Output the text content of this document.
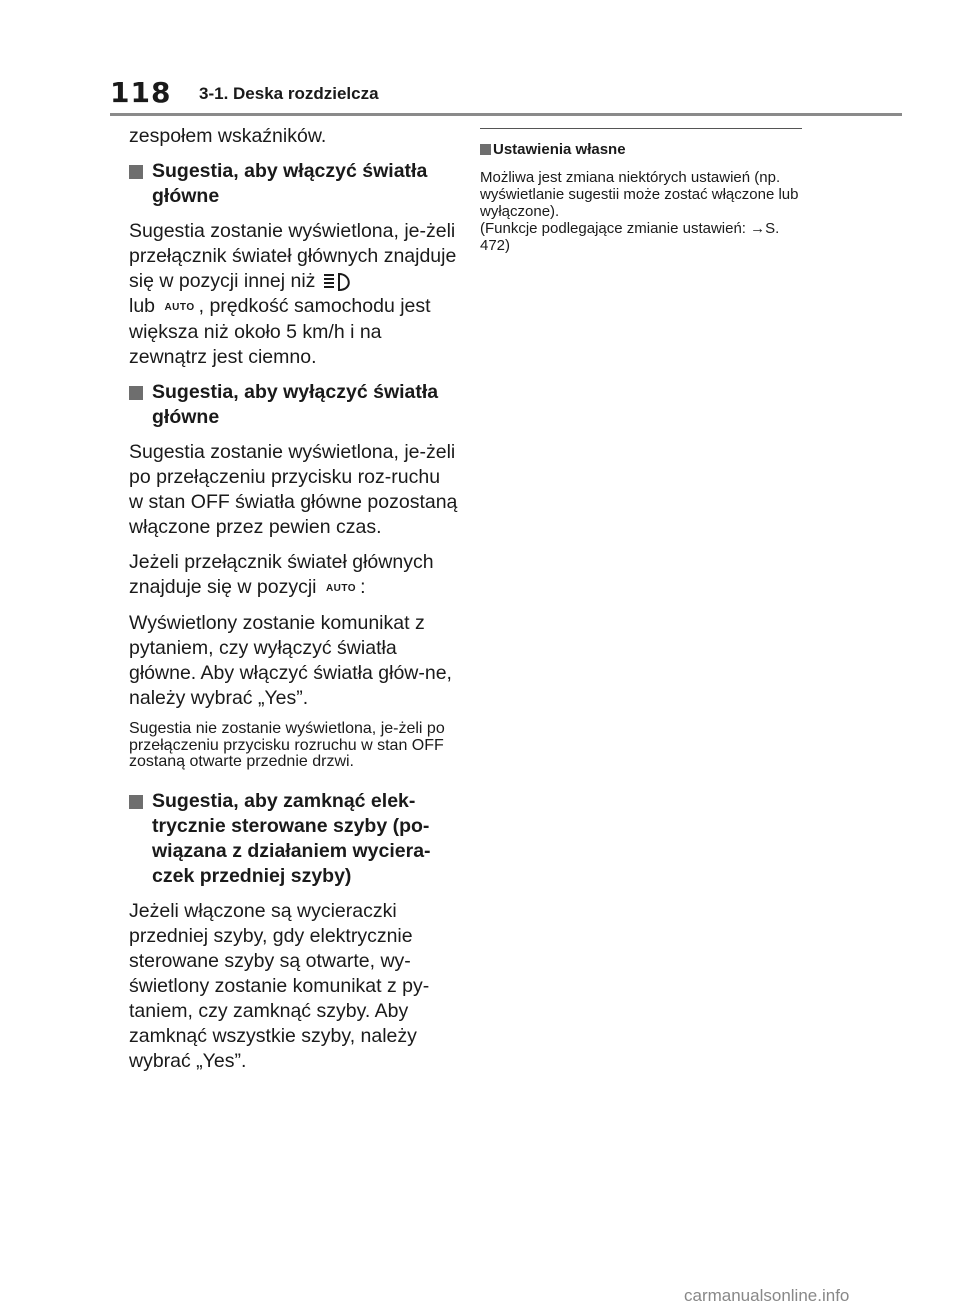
118 3-1. Deska rozdzielcza

zespołem wskaźników.

Sugestia, aby włączyć światła główne

Sugestia zostanie wyświetlona, je-żeli przełącznik świateł głównych znajduje się w pozycji innej niż
lub AUTO , prędkość samochodu jest większa niż około 5 km/h i na zewnątrz jest ciemno.

Sugestia, aby wyłączyć światła główne

Sugestia zostanie wyświetlona, je-żeli po przełączeniu przycisku roz-ruchu w stan OFF światła główne pozostaną włączone przez pewien czas.

Jeżeli przełącznik świateł głównych znajduje się w pozycji AUTO :

Wyświetlony zostanie komunikat z pytaniem, czy wyłączyć światła główne. Aby włączyć światła głów-ne, należy wybrać „Yes”.

Sugestia nie zostanie wyświetlona, je-żeli po przełączeniu przycisku rozruchu w stan OFF zostaną otwarte przednie drzwi.

Sugestia, aby zamknąć elek-trycznie sterowane szyby (po-wiązana z działaniem wyciera-czek przedniej szyby)

Jeżeli włączone są wycieraczki przedniej szyby, gdy elektrycznie sterowane szyby są otwarte, wy-świetlony zostanie komunikat z py-taniem, czy zamknąć szyby. Aby zamknąć wszystkie szyby, należy wybrać „Yes”.

Ustawienia własne

Możliwa jest zmiana niektórych ustawień (np. wyświetlanie sugestii może zostać włączone lub wyłączone).

(Funkcje podlegające zmianie ustawień: →S. 472)

carmanualsonline.info
